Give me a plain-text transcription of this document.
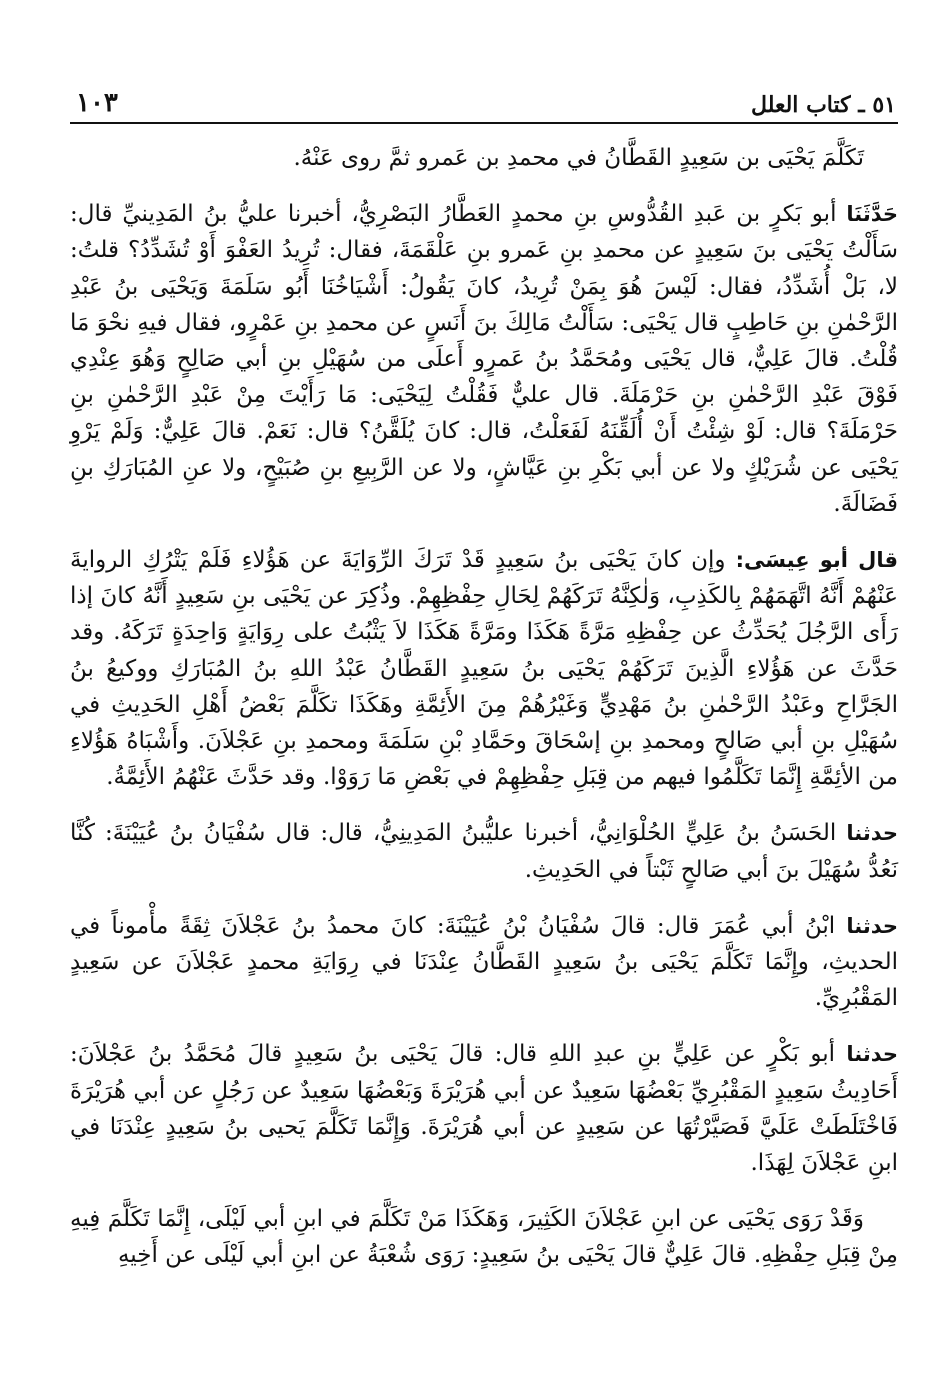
٥١ ـ كتاب العلل
١٠٣

تَكَلَّمَ يَحْيَى بن سَعِيدٍ القَطَّانُ في محمدِ بن عَمرو ثمَّ روى عَنْهُ.

حَدَّثَنَا أبو بَكرٍ بن عَبدِ القُدُّوسِ بنِ محمدٍ العَطَّارُ البَصْرِيُّ، أخبرنا عليُّ بنُ المَدِينيِّ قال: سَأَلْتُ يَحْيَى بنَ سَعِيدٍ عن محمدِ بنِ عَمرو بنِ عَلْقَمَةَ، فقال: تُرِيدُ العَفْوَ أَوْ تُشَدِّدُ؟ قلتُ: لا، بَلْ أُشَدِّدُ، فقال: لَيْسَ هُوَ بِمَنْ تُرِيدُ، كانَ يَقُولُ: أَشْيَاخُنَا أَبُو سَلَمَةَ وَيَحْيَى بنُ عَبْدِ الرَّحْمٰنِ بنِ حَاطِبٍ قال يَحْيَى: سَأَلْتُ مَالِكَ بنَ أَنَسٍ عن محمدِ بنِ عَمْرٍو، فقال فيهِ نحْوَ مَا قُلْتُ. قالَ عَلِيٌّ، قال يَحْيَى ومُحَمَّدُ بنُ عَمرٍو أَعلَى من سُهَيْلِ بنِ أبي صَالِحٍ وَهُوَ عِنْدِي فَوْقَ عَبْدِ الرَّحْمٰنِ بنِ حَرْمَلَةَ. قال عليٌّ فَقُلْتُ لِيَحْيَى: مَا رَأَيْتَ مِنْ عَبْدِ الرَّحْمٰنِ بنِ حَرْمَلَةَ؟ قال: لَوْ شِئْتُ أَنْ أُلَقِّنَهُ لَفَعَلْتُ، قال: كانَ يُلَقَّنُ؟ قال: نَعَمْ. قالَ عَلِيٌّ: وَلَمْ يَرْوِ يَحْيَى عن شُرَيْكٍ ولا عن أبي بَكْرِ بنِ عَيَّاشٍ، ولا عن الرَّبِيعِ بنِ صُبَيْحٍ، ولا عنِ المُبَارَكِ بنِ فَضَالَةَ.

قال أبو عِيسَى: وإن كانَ يَحْيَى بنُ سَعِيدٍ قَدْ تَرَكَ الرِّوَايَةَ عن هَؤُلاءِ فَلَمْ يَتْرُكِ الروايةَ عَنْهُمْ أَنَّهُ اتَّهَمَهُمْ بِالكَذِبِ، وَلٰكِنَّهُ تَرَكَهُمْ لِحَالِ حِفْظِهِمْ. وذُكِرَ عن يَحْيَى بنِ سَعِيدٍ أَنَّهُ كانَ إذا رَأَى الرَّجُلَ يُحَدِّثُ عن حِفْظِهِ مَرَّةً هَكَذَا ومَرَّةً هَكَذَا لاَ يَثْبُتُ على رِوَايَةٍ وَاحِدَةٍ تَرَكَهُ. وقد حَدَّثَ عن هَؤُلاءِ الَّذِينَ تَرَكَهُمْ يَحْيَى بنُ سَعِيدٍ القَطَّانُ عَبْدُ اللهِ بنُ المُبَارَكِ ووكيعُ بنُ الجَرَّاحِ وعَبْدُ الرَّحْمٰنِ بنُ مَهْدِيٍّ وَغَيْرُهُمْ مِنَ الأَئِمَّةِ وهَكَذَا تكَلَّمَ بَعْضُ أَهْلِ الحَدِيثِ في سُهَيْلِ بنِ أبي صَالحٍ ومحمدِ بنِ إسْحَاقَ وحَمَّادِ بْنِ سَلَمَةَ ومحمدِ بنِ عَجْلاَنَ. وأَشْبَاهُ هَؤُلاءِ من الأئِمَّةِ إِنَّمَا تَكَلَّمُوا فيهم من قِبَلِ حِفْظِهِمْ في بَعْضِ مَا رَوَوْا. وقد حَدَّثَ عَنْهُمُ الأَئِمَّةُ.

حدثنا الحَسَنُ بنُ عَلِيٍّ الحُلْوَانِيُّ، أخبرنا عليُّبنُ المَدِينِيُّ، قال: قال سُفْيَانُ بنُ عُيَيْنَةَ: كُنَّا نَعُدُّ سُهَيْلَ بنَ أبي صَالحٍ ثَبْتاً في الحَدِيثِ.

حدثنا ابْنُ أبي عُمَرَ قال: قالَ سُفْيَانُ بْنُ عُيَيْنَةَ: كانَ محمدُ بنُ عَجْلاَنَ ثِقَةً مأْموناً في الحديثِ، وإِنَّمَا تَكَلَّمَ يَحْيَى بنُ سَعِيدٍ القَطَّانُ عِنْدَنَا في رِوَايَةِ محمدٍ عَجْلاَنَ عن سَعِيدٍ المَقْبُرِيِّ.

حدثنا أبو بَكْرٍ عن عَلِيٍّ بنِ عبدِ اللهِ قال: قالَ يَحْيَى بنُ سَعِيدٍ قالَ مُحَمَّدُ بنُ عَجْلاَنَ: أَحَادِيثُ سَعِيدٍ المَقْبُرِيِّ بَعْضُهَا سَعِيدٌ عن أبي هُرَيْرَةَ وَبَعْضُهَا سَعِيدٌ عن رَجُلٍ عن أبي هُرَيْرَةَ فَاخْتَلَطَتْ عَلَيَّ فَصَيَّرْتُهَا عن سَعِيدٍ عن أبي هُرَيْرَةَ. وَإِنَّمَا تَكَلَّمَ يَحيى بنُ سَعِيدٍ عِنْدَنَا في ابنِ عَجْلاَنَ لِهَذَا.

وَقَدْ رَوَى يَحْيَى عن ابنِ عَجْلاَنَ الكَثِيرَ، وَهَكَذَا مَنْ تَكَلَّمَ في ابنِ أبي لَيْلَى، إِنَّمَا تَكَلَّمَ فِيهِ مِنْ قِبَلِ حِفْظِهِ. قالَ عَلِيٌّ قالَ يَحْيَى بنُ سَعِيدٍ: رَوَى شُعْبَةُ عن ابنِ أبي لَيْلَى عن أَخِيهِ
